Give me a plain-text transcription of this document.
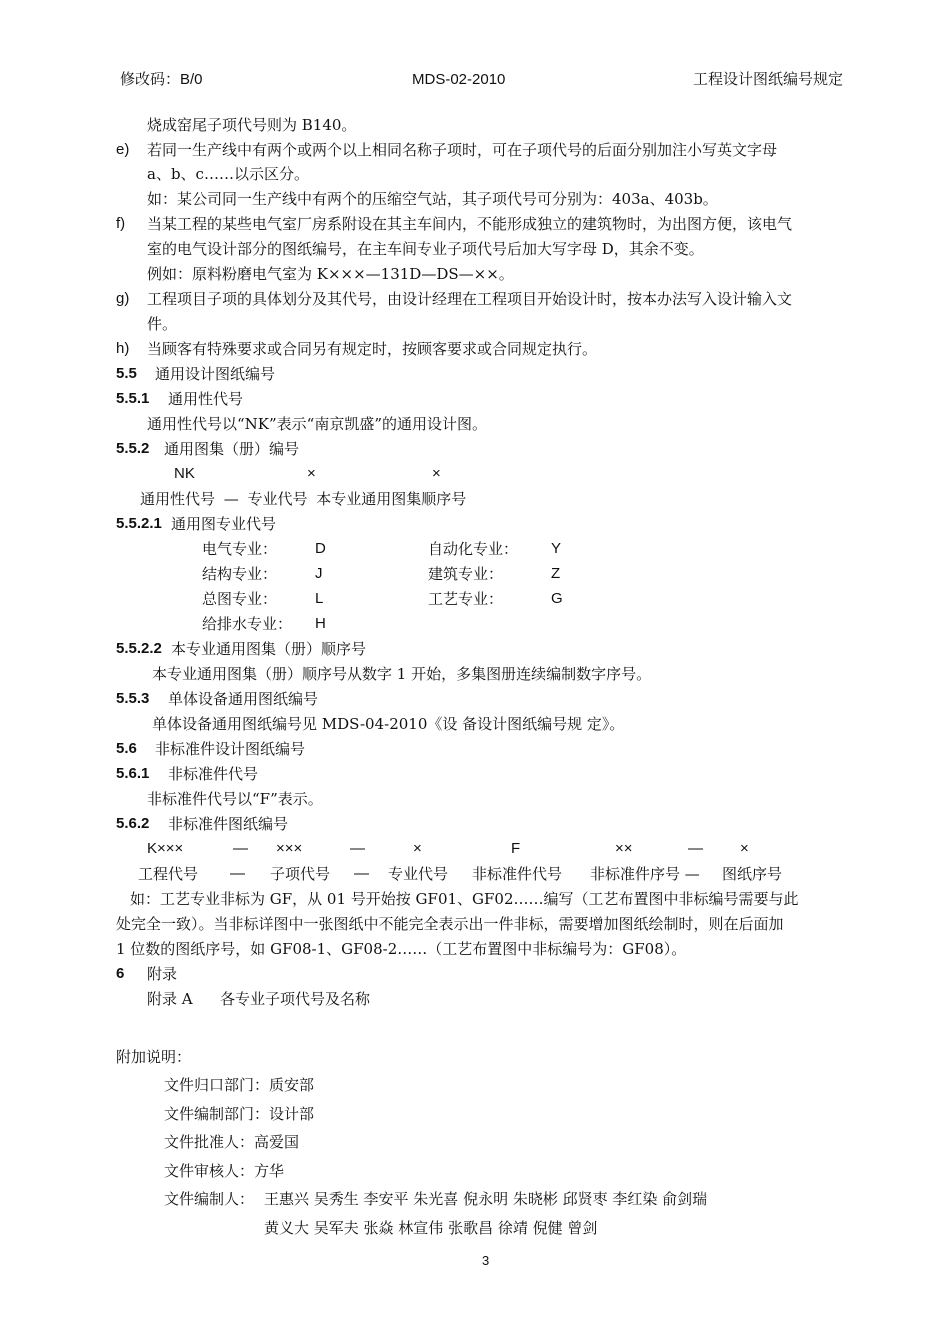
修改码：B/0	MDS-02-2010	工程设计图纸编号规定
烧成窑尾子项代号则为 B140。
e) 若同一生产线中有两个或两个以上相同名称子项时，可在子项代号的后面分别加注小写英文字母
a、b、c……以示区分。
如：某公司同一生产线中有两个的压缩空气站，其子项代号可分别为：403a、403b。
f) 当某工程的某些电气室厂房系附设在其主车间内，不能形成独立的建筑物时，为出图方便，该电气
室的电气设计部分的图纸编号，在主车间专业子项代号后加大写字母 D，其余不变。
例如：原料粉磨电气室为 K×××—131D—DS—××。
g) 工程项目子项的具体划分及其代号，由设计经理在工程项目开始设计时，按本办法写入设计输入文
件。
h) 当顾客有特殊要求或合同另有规定时，按顾客要求或合同规定执行。
5.5 通用设计图纸编号
5.5.1 通用性代号
通用性代号以“NK”表示“南京凯盛”的通用设计图。
5.5.2 通用图集（册）编号
NK	×	×
通用性代号 — 专业代号 本专业通用图集顺序号
5.5.2.1 通用图专业代号
电气专业：	D	自动化专业： Y
结构专业：	J	建筑专业：	Z
总图专业：	L	工艺专业：	G
给排水专业： H
5.5.2.2 本专业通用图集（册）顺序号
本专业通用图集（册）顺序号从数字 1 开始，多集图册连续编制数字序号。
5.5.3 单体设备通用图纸编号
单体设备通用图纸编号见 MDS-04-2010《设 备设计图纸编号规 定》。
5.6 非标准件设计图纸编号
5.6.1 非标准件代号
非标准件代号以“F”表示。
5.6.2 非标准件图纸编号
K×××	— ×××	—	×	F	××	— ×
工程代号 — 子项代号 — 专业代号 非标准件代号 非标准件序号 — 图纸序号
如：工艺专业非标为 GF，从 01 号开始按 GF01、GF02……编写（工艺布置图中非标编号需要与此
处完全一致）。当非标详图中一张图纸中不能完全表示出一件非标，需要增加图纸绘制时，则在后面加
1 位数的图纸序号，如 GF08-1、GF08-2……（工艺布置图中非标编号为：GF08）。
6 附录
附录 A 各专业子项代号及名称
附加说明：
文件归口部门：质安部
文件编制部门：设计部
文件批准人：高爱国
文件审核人：方华
文件编制人： 王惠兴 吴秀生 李安平 朱光喜 倪永明 朱晓彬 邱贤枣 李红染 俞剑瑞
黄义大 吴军夫 张焱 林宣伟 张歌昌 徐靖 倪健 曾剑
3
